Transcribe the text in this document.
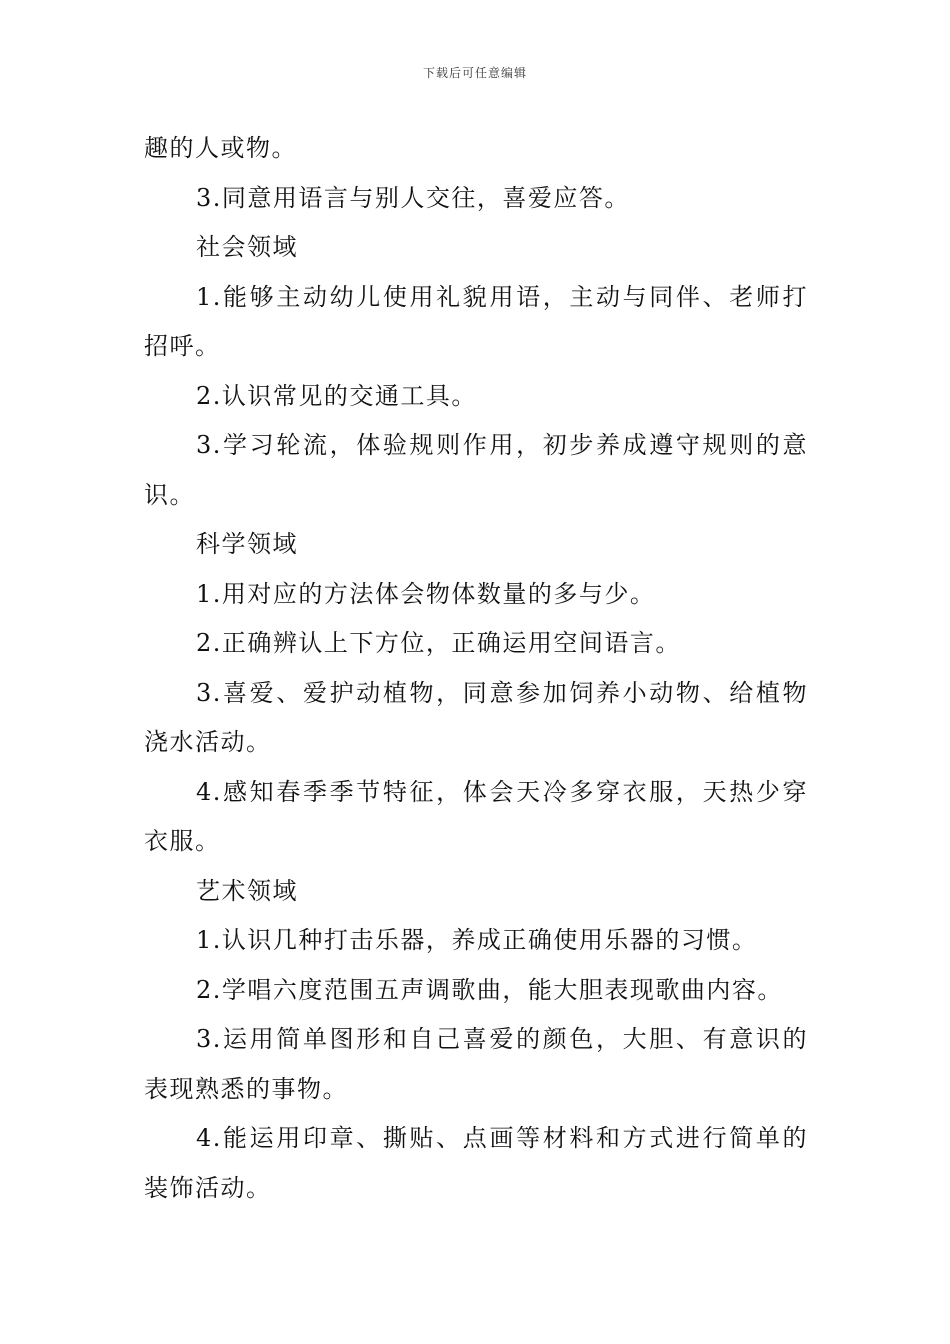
下载后可任意编辑

趣的人或物。

3.同意用语言与别人交往，喜爱应答。

社会领域

1.能够主动幼儿使用礼貌用语，主动与同伴、老师打招呼。

2.认识常见的交通工具。

3.学习轮流，体验规则作用，初步养成遵守规则的意识。

科学领域

1.用对应的方法体会物体数量的多与少。

2.正确辨认上下方位，正确运用空间语言。

3.喜爱、爱护动植物，同意参加饲养小动物、给植物浇水活动。

4.感知春季季节特征，体会天冷多穿衣服，天热少穿衣服。

艺术领域

1.认识几种打击乐器，养成正确使用乐器的习惯。

2.学唱六度范围五声调歌曲，能大胆表现歌曲内容。

3.运用简单图形和自己喜爱的颜色，大胆、有意识的表现熟悉的事物。

4.能运用印章、撕贴、点画等材料和方式进行简单的装饰活动。
